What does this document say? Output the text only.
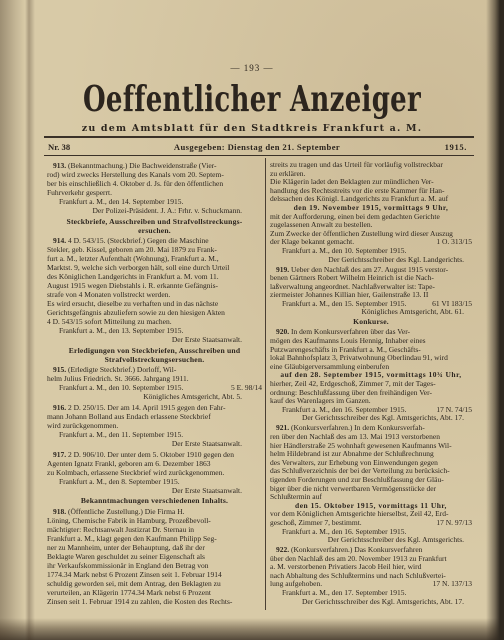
— 193 —
Oeffentlicher Anzeiger
zu dem Amtsblatt für den Stadtkreis Frankfurt a. M.
Ausgegeben: Dienstag den 21. September
Nr. 38	1915.
913. (Bekanntmachung.) Die Bachweidenstraße (Vier-
rod) wird zwecks Herstellung des Kanals vom 20. Septem-
ber bis einschließlich 4. Oktober d. Js. für den öffentlichen
Fuhrverkehr gesperrt.
Frankfurt a. M., den 14. September 1915.
Der Polizei-Präsident. J. A.: Frhr. v. Schuckmann.
Steckbriefe, Ausschreiben und Strafvollstreckungs-
ersuchen.
914. 4 D. 543/15. (Steckbrief.) Gegen die Maschine
Stekler, geb. Kissel, geboren am 20. Mai 1879 zu Frank-
furt a. M., letzter Aufenthalt (Wohnung), Frankfurt a. M.,
Marktst. 9, welche sich verborgen hält, soll eine durch Urteil
des Königlichen Landgerichts in Frankfurt a. M. vom 11.
August 1915 wegen Diebstahls i. R. erkannte Gefängnis-
strafe von 4 Monaten vollstreckt werden.
Es wird ersucht, dieselbe zu verhaften und in das nächste
Gerichtsgefängnis abzuliefern sowie zu den hiesigen Akten
4 D. 543/15 sofort Mitteilung zu machen.
Frankfurt a. M., den 13. September 1915.
Der Erste Staatsanwalt.
Erledigungen von Steckbriefen, Ausschreiben und
Strafvollstreckungsersuchen.
915. (Erledigte Steckbrief.) Dorloff, Wil-
helm Julius Friedrich. St. 3666. Jahrgang 1911.
Frankfurt a. M., den 10. September 1915.	5 E. 98/14
Königliches Amtsgericht, Abt. 5.
916. 2 D. 250/15. Der am 14. April 1915 gegen den Fahr-
mann Johann Bolland aus Endach erlassene Steckbrief
wird zurückgenommen.
Frankfurt a. M., den 11. September 1915.
Der Erste Staatsanwalt.
917. 2 D. 906/10. Der unter dem 5. Oktober 1910 gegen den
Agenten Ignatz Frankl, geboren am 6. Dezember 1863
zu Kolmbach, erlassene Steckbrief wird zurückgenommen.
Frankfurt a. M., den 8. September 1915.
Der Erste Staatsanwalt.
Bekanntmachungen verschiedenen Inhalts.
918. (Öffentliche Zustellung.) Die Firma H.
Löning, Chemische Fabrik in Hamburg, Prozeßbevoll-
mächtigter: Rechtsanwalt Justizrat Dr. Sternau in
Frankfurt a. M., klagt gegen den Kaufmann Philipp Seg-
ner zu Mannheim, unter der Behauptung, daß ihr der
Beklagte Waren geschuldet zu seiner Eigenschaft als
ihr Verkaufskommissionär in England den Betrag von
1774.34 Mark nebst 6 Prozent Zinsen seit 1. Februar 1914
schuldig geworden sei, mit dem Antrag, den Beklagten zu
verurteilen, an Klägerin 1774.34 Mark nebst 6 Prozent
Zinsen seit 1. Februar 1914 zu zahlen, die Kosten des Rechts-
streits zu tragen und das Urteil für vorläufig vollstreckbar
zu erklären.
Die Klägerin ladet den Beklagten zur mündlichen Ver-
handlung des Rechtsstreits vor die erste Kammer für Han-
delssachen des Königl. Landgerichts zu Frankfurt a. M. auf
den 19. November 1915, vormittags 9 Uhr,
mit der Aufforderung, einen bei dem gedachten Gerichte
zugelassenen Anwalt zu bestellen.
Zum Zwecke der öffentlichen Zustellung wird dieser Auszug
der Klage bekannt gemacht.	1 O. 313/15
Frankfurt a. M., den 10. September 1915.
Der Gerichtsschreiber des Kgl. Landgerichts.
919. Ueber den Nachlaß des am 27. August 1915 verstor-
benen Gärtners Robert Wilhelm Heinrich ist die Nach-
laßverwaltung angeordnet. Nachlaßverwalter ist: Tape-
ziermeister Johannes Killian hier, Gailenstraße 13. II
Frankfurt a. M., den 15. September 1915.	61 VI 183/15
Königliches Amtsgericht, Abt. 61.
Konkurse.
920. In dem Konkursverfahren über das Ver-
mögen des Kaufmanns Louis Hennig, Inhaber eines
Putzwarengeschäfts in Frankfurt a. M., Geschäfts-
lokal Bahnhofsplatz 3, Privatwohnung Oberlindau 91, wird
eine Gläubigerversammlung einberufen
auf den 28. September 1915, vormittags 10¾ Uhr,
hierher, Zeil 42, Erdgeschoß, Zimmer 7, mit der Tages-
ordnung: Beschlußfassung über den freihändigen Ver-
kauf des Warenlagers im Ganzen.
Frankfurt a. M., den 16. September 1915.	17 N. 74/15
Der Gerichtsschreiber des Kgl. Amtsgerichts, Abt. 17.
921. (Konkursverfahren.) In dem Konkursverfah-
ren über den Nachlaß des am 13. Mai 1913 verstorbenen
hier Händlerstraße 25 wohnhaft gewesenen Kaufmanns Wil-
helm Hildebrand ist zur Abnahme der Schlußrechnung
des Verwalters, zur Erhebung von Einwendungen gegen
das Schlußverzeichnis der bei der Verteilung zu berücksich-
tigenden Forderungen und zur Beschlußfassung der Gläu-
biger über die nicht verwertbaren Vermögensstücke der
Schlußtermin auf
den 15. Oktober 1915, vormittags 11 Uhr,
vor dem Königlichen Amtsgerichte hierselbst, Zeil 42, Erd-
geschoß, Zimmer 7, bestimmt.	17 N. 97/13
Frankfurt a. M., den 16. September 1915.
Der Gerichtsschreiber des Kgl. Amtsgerichts.
922. (Konkursverfahren.) Das Konkursverfahren
über den Nachlaß des am 20. November 1913 zu Frankfurt
a. M. verstorbenen Privatiers Jacob Heil hier, wird
nach Abhaltung des Schlußtermins und nach Schlußvertei-
lung aufgehoben.	17 N. 137/13
Frankfurt a. M., den 17. September 1915.
Der Gerichtsschreiber des Kgl. Amtsgerichts, Abt. 17.
